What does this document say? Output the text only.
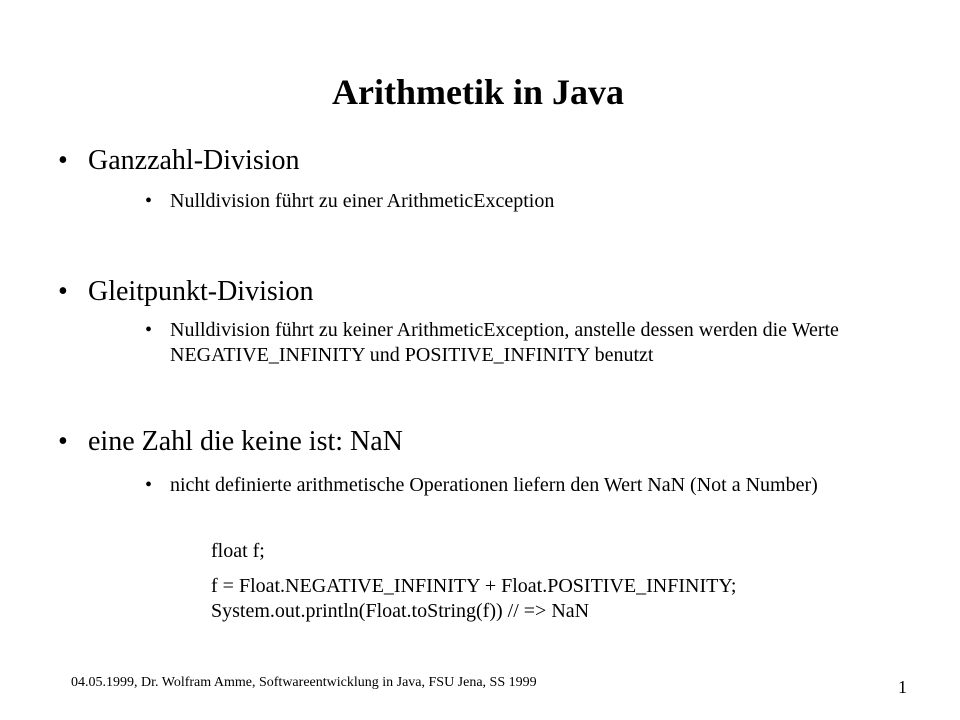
Arithmetik in Java
• Ganzzahl-Division
• Nulldivision führt zu einer ArithmeticException
• Gleitpunkt-Division
• Nulldivision führt zu keiner ArithmeticException, anstelle dessen werden die Werte NEGATIVE_INFINITY und POSITIVE_INFINITY benutzt
• eine Zahl die keine ist: NaN
• nicht definierte arithmetische Operationen liefern den Wert NaN (Not a Number)
float f;
f = Float.NEGATIVE_INFINITY + Float.POSITIVE_INFINITY;
System.out.println(Float.toString(f)) // => NaN
04.05.1999, Dr. Wolfram Amme, Softwareentwicklung in Java, FSU Jena, SS 1999	1
